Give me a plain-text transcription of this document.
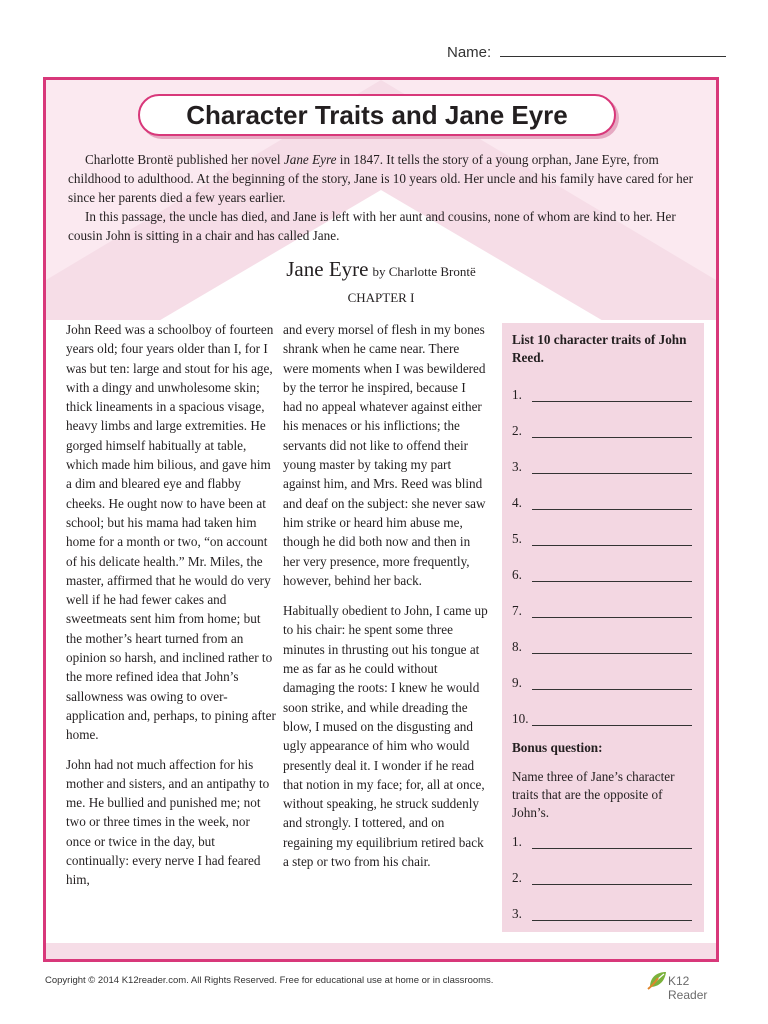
Name:
Character Traits and Jane Eyre

Charlotte Brontë published her novel Jane Eyre in 1847. It tells the story of a young orphan, Jane Eyre, from childhood to adulthood. At the beginning of the story, Jane is 10 years old. Her uncle and his family have cared for her since her parents died a few years earlier.

In this passage, the uncle has died, and Jane is left with her aunt and cousins, none of whom are kind to her. Her cousin John is sitting in a chair and has called Jane.

Jane Eyre by Charlotte Brontë
CHAPTER I

John Reed was a schoolboy of fourteen years old; four years older than I, for I was but ten: large and stout for his age, with a dingy and unwholesome skin; thick lineaments in a spacious visage, heavy limbs and large extremities. He gorged himself habitually at table, which made him bilious, and gave him a dim and bleared eye and flabby cheeks. He ought now to have been at school; but his mama had taken him home for a month or two, “on account of his delicate health.” Mr. Miles, the master, affirmed that he would do very well if he had fewer cakes and sweetmeats sent him from home; but the mother’s heart turned from an opinion so harsh, and inclined rather to the more refined idea that John’s sallowness was owing to over-application and, perhaps, to pining after home.

John had not much affection for his mother and sisters, and an antipathy to me. He bullied and punished me; not two or three times in the week, nor once or twice in the day, but continually: every nerve I had feared him,

and every morsel of flesh in my bones shrank when he came near. There were moments when I was bewildered by the terror he inspired, because I had no appeal whatever against either his menaces or his inflictions; the servants did not like to offend their young master by taking my part against him, and Mrs. Reed was blind and deaf on the subject: she never saw him strike or heard him abuse me, though he did both now and then in her very presence, more frequently, however, behind her back.

Habitually obedient to John, I came up to his chair: he spent some three minutes in thrusting out his tongue at me as far as he could without damaging the roots: I knew he would soon strike, and while dreading the blow, I mused on the disgusting and ugly appearance of him who would presently deal it. I wonder if he read that notion in my face; for, all at once, without speaking, he struck suddenly and strongly. I tottered, and on regaining my equilibrium retired back a step or two from his chair.

List 10 character traits of John Reed.
1.
2.
3.
4.
5.
6.
7.
8.
9.
10.
Bonus question:
Name three of Jane’s character traits that are the opposite of John’s.
1.
2.
3.
Copyright © 2014 K12reader.com. All Rights Reserved. Free for educational use at home or in classrooms.	K12 Reader
